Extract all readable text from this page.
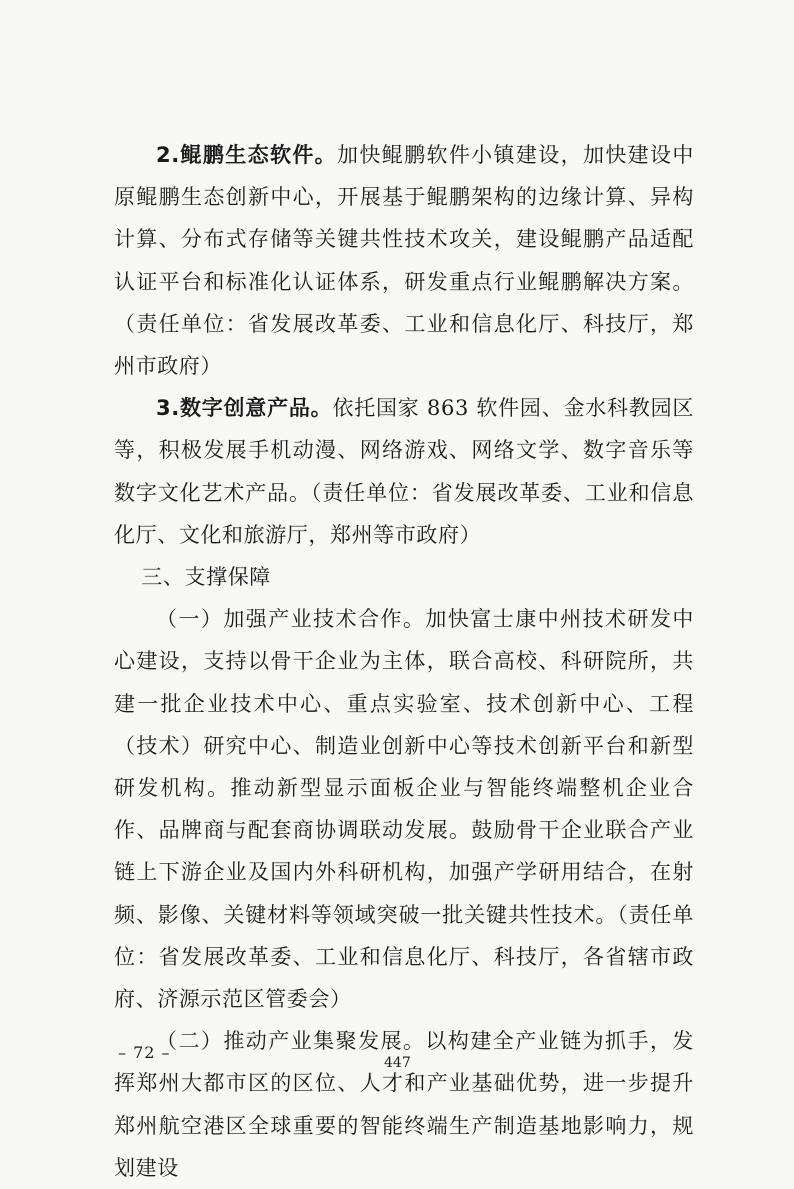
2.鲲鹏生态软件。加快鲲鹏软件小镇建设，加快建设中原鲲鹏生态创新中心，开展基于鲲鹏架构的边缘计算、异构计算、分布式存储等关键共性技术攻关，建设鲲鹏产品适配认证平台和标准化认证体系，研发重点行业鲲鹏解决方案。（责任单位：省发展改革委、工业和信息化厅、科技厅，郑州市政府）

3.数字创意产品。依托国家 863 软件园、金水科教园区等，积极发展手机动漫、网络游戏、网络文学、数字音乐等数字文化艺术产品。（责任单位：省发展改革委、工业和信息化厅、文化和旅游厅，郑州等市政府）

三、支撑保障

（一）加强产业技术合作。加快富士康中州技术研发中心建设，支持以骨干企业为主体，联合高校、科研院所，共建一批企业技术中心、重点实验室、技术创新中心、工程（技术）研究中心、制造业创新中心等技术创新平台和新型研发机构。推动新型显示面板企业与智能终端整机企业合作、品牌商与配套商协调联动发展。鼓励骨干企业联合产业链上下游企业及国内外科研机构，加强产学研用结合，在射频、影像、关键材料等领域突破一批关键共性技术。（责任单位：省发展改革委、工业和信息化厅、科技厅，各省辖市政府、济源示范区管委会）

（二）推动产业集聚发展。以构建全产业链为抓手，发挥郑州大都市区的区位、人才和产业基础优势，进一步提升郑州航空港区全球重要的智能终端生产制造基地影响力，规划建设

– 72 –
447
